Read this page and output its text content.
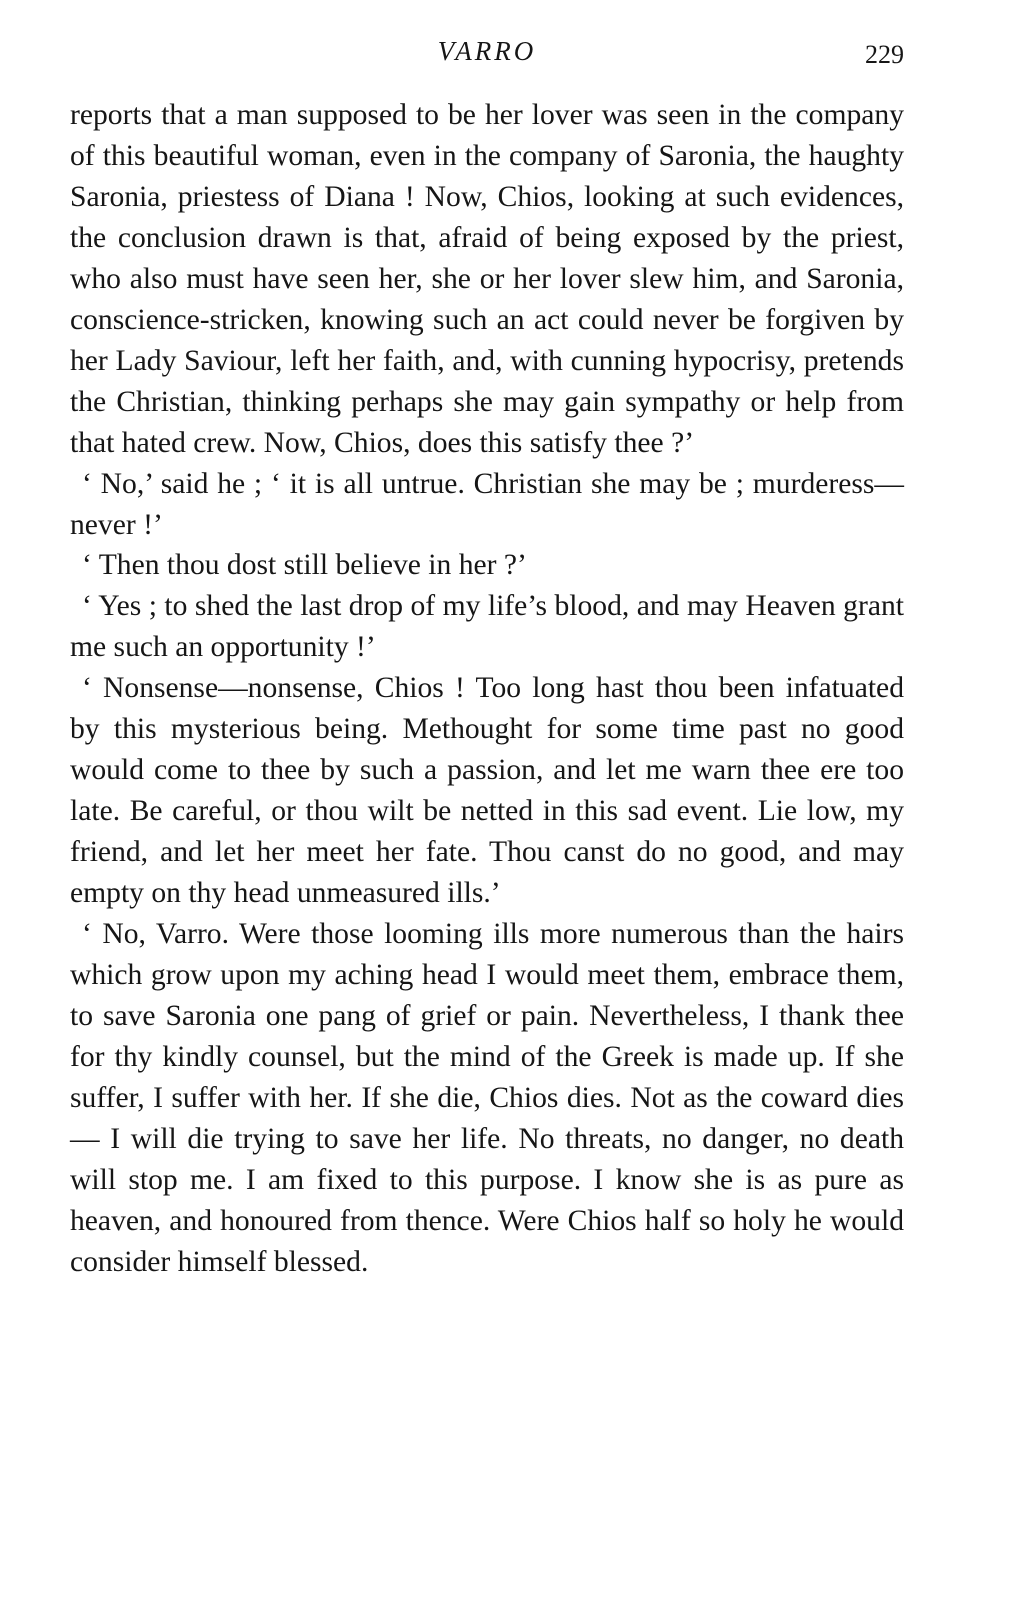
VARRO	229

reports that a man supposed to be her lover was seen in the company of this beautiful woman, even in the company of Saronia, the haughty Saronia, priestess of Diana ! Now, Chios, looking at such evidences, the conclusion drawn is that, afraid of being exposed by the priest, who also must have seen her, she or her lover slew him, and Saronia, conscience-stricken, knowing such an act could never be forgiven by her Lady Saviour, left her faith, and, with cunning hypocrisy, pretends the Christian, thinking perhaps she may gain sympathy or help from that hated crew. Now, Chios, does this satisfy thee ?’

‘ No,’ said he ; ‘ it is all untrue. Christian she may be ; murderess—never !’

‘ Then thou dost still believe in her ?’

‘ Yes ; to shed the last drop of my life’s blood, and may Heaven grant me such an opportunity !’

‘ Nonsense—nonsense, Chios ! Too long hast thou been infatuated by this mysterious being. Methought for some time past no good would come to thee by such a passion, and let me warn thee ere too late. Be careful, or thou wilt be netted in this sad event. Lie low, my friend, and let her meet her fate. Thou canst do no good, and may empty on thy head unmeasured ills.’

‘ No, Varro. Were those looming ills more numerous than the hairs which grow upon my aching head I would meet them, embrace them, to save Saronia one pang of grief or pain. Nevertheless, I thank thee for thy kindly counsel, but the mind of the Greek is made up. If she suffer, I suffer with her. If she die, Chios dies. Not as the coward dies — I will die trying to save her life. No threats, no danger, no death will stop me. I am fixed to this purpose. I know she is as pure as heaven, and honoured from thence. Were Chios half so holy he would consider himself blessed.
